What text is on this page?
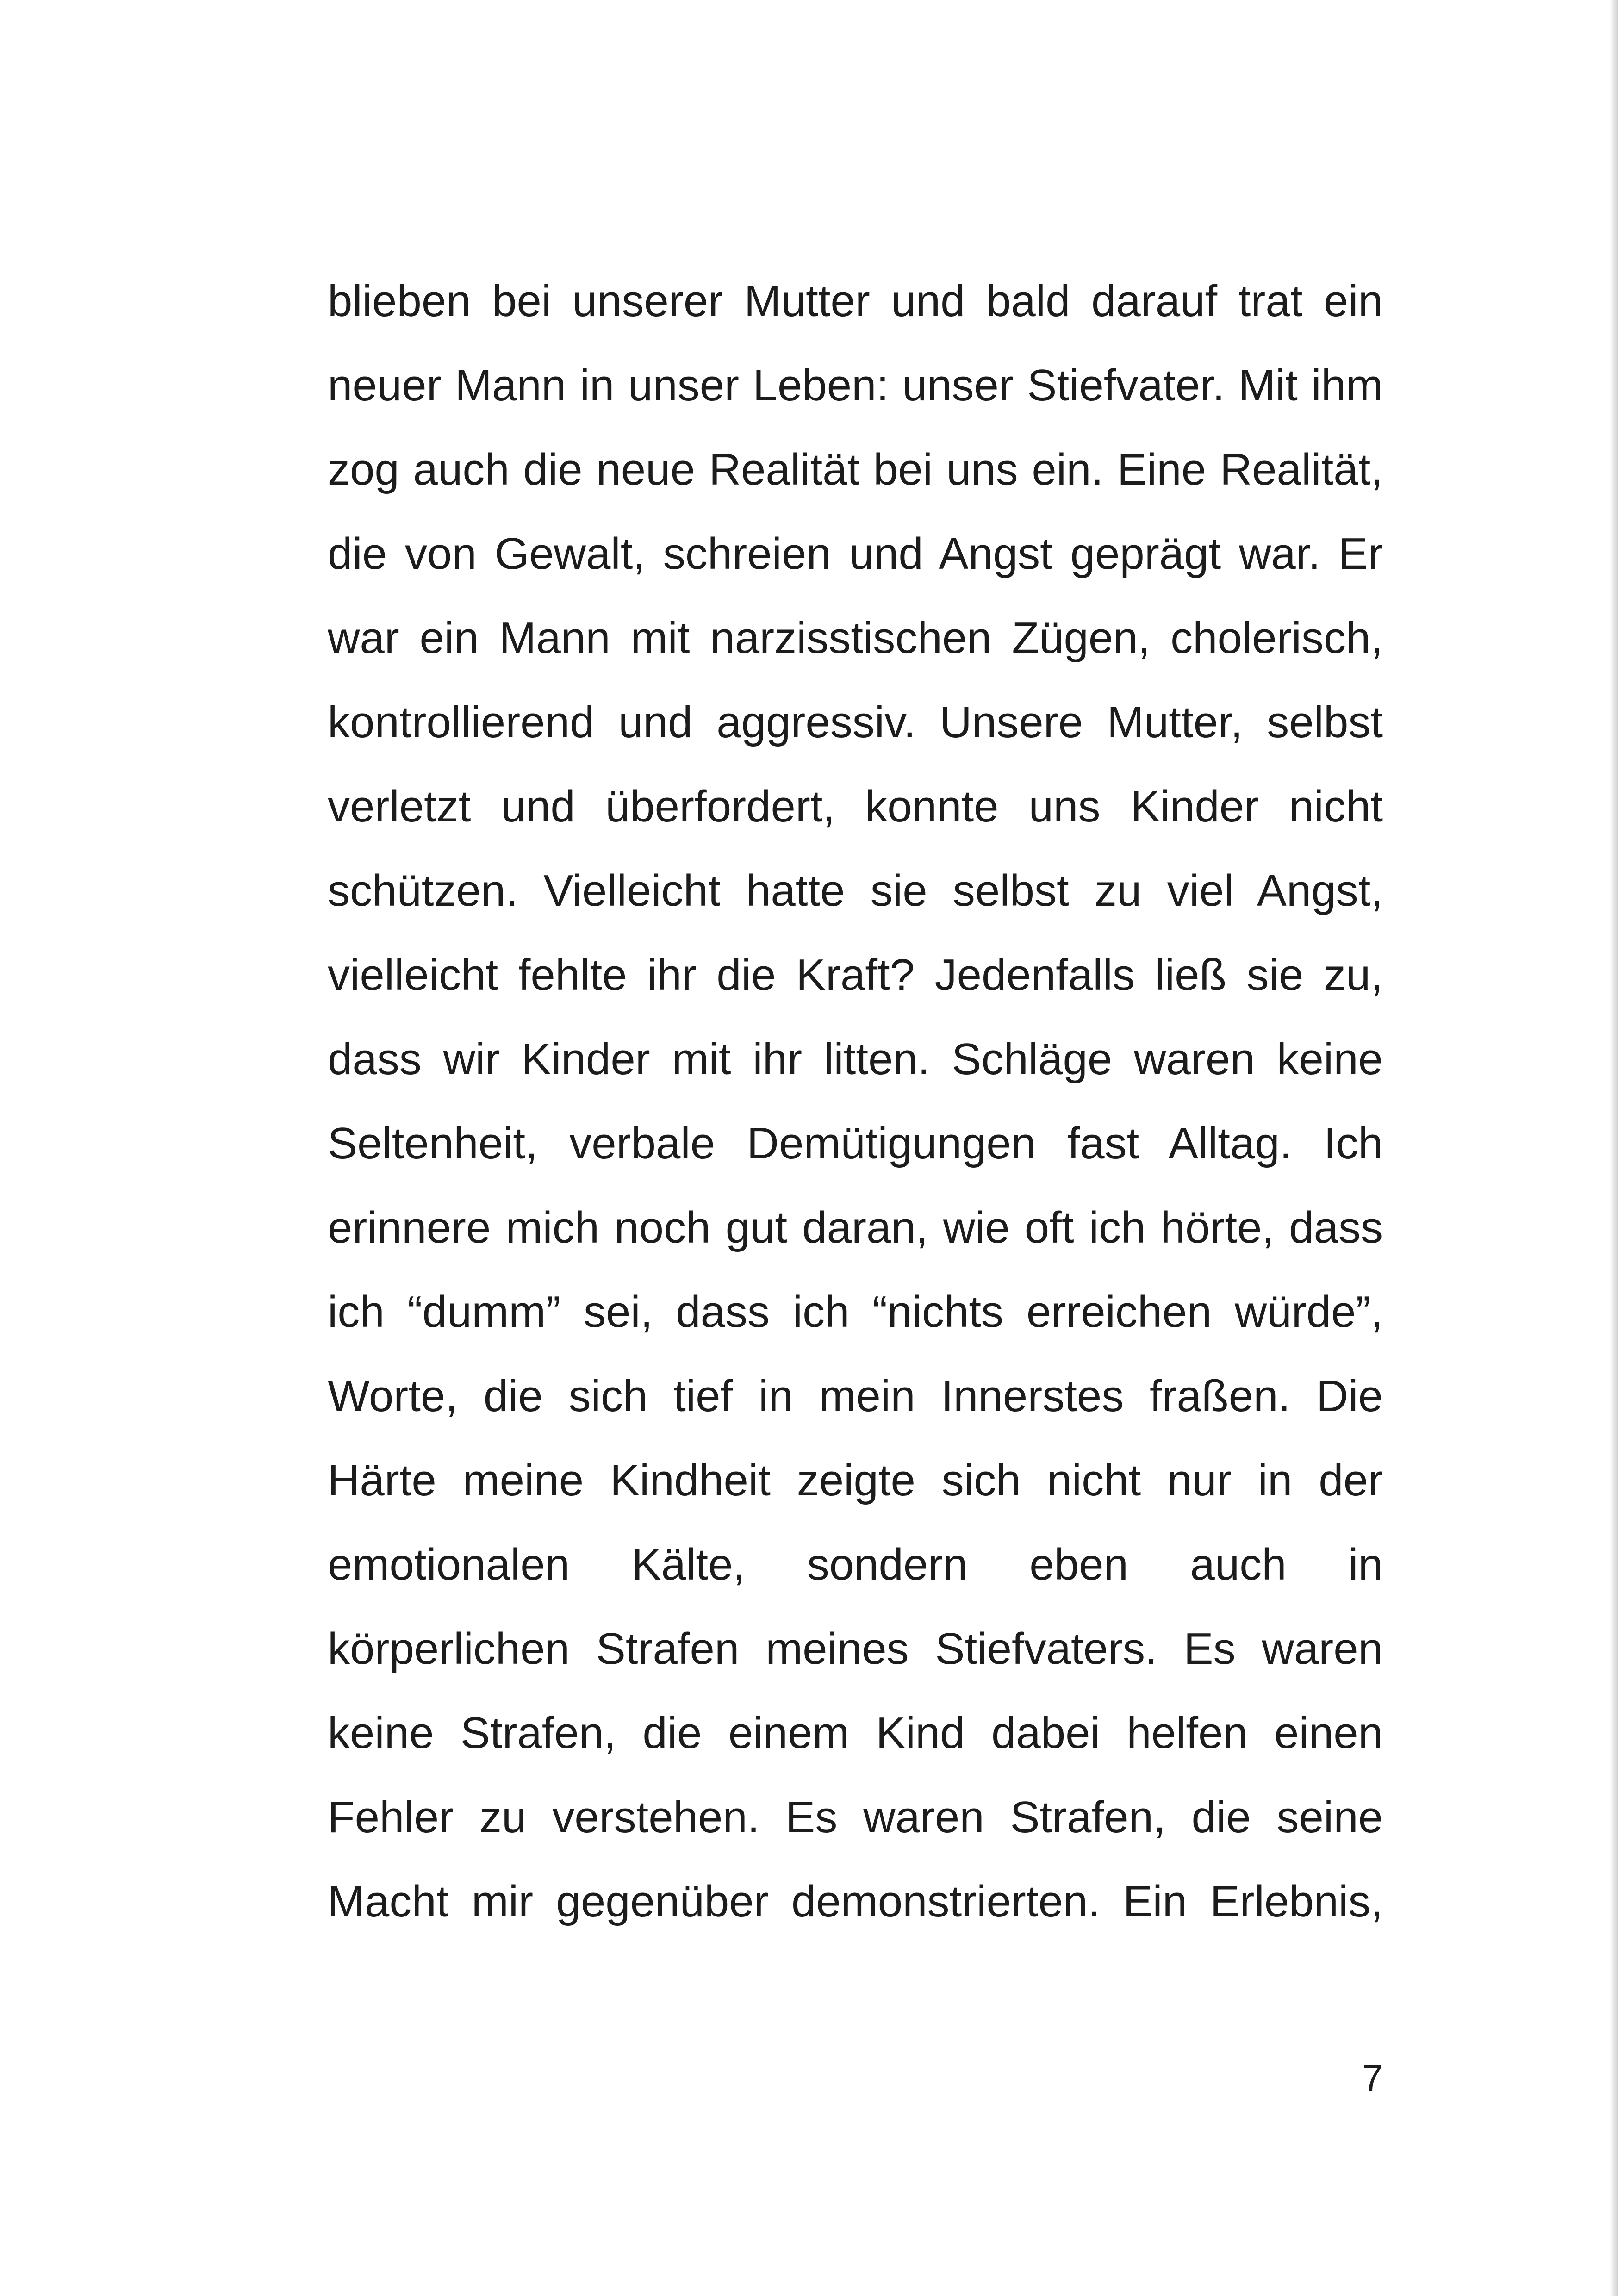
blieben bei unserer Mutter und bald darauf trat ein
neuer Mann in unser Leben: unser Stiefvater. Mit ihm
zog auch die neue Realität bei uns ein. Eine Realität,
die von Gewalt, schreien und Angst geprägt war. Er
war ein Mann mit narzisstischen Zügen, cholerisch,
kontrollierend und aggressiv. Unsere Mutter, selbst
verletzt und überfordert, konnte uns Kinder nicht
schützen. Vielleicht hatte sie selbst zu viel Angst,
vielleicht fehlte ihr die Kraft? Jedenfalls ließ sie zu,
dass wir Kinder mit ihr litten. Schläge waren keine
Seltenheit, verbale Demütigungen fast Alltag. Ich
erinnere mich noch gut daran, wie oft ich hörte, dass
ich “dumm” sei, dass ich “nichts erreichen würde”,
Worte, die sich tief in mein Innerstes fraßen. Die
Härte meine Kindheit zeigte sich nicht nur in der
emotionalen Kälte, sondern eben auch in
körperlichen Strafen meines Stiefvaters. Es waren
keine Strafen, die einem Kind dabei helfen einen
Fehler zu verstehen. Es waren Strafen, die seine
Macht mir gegenüber demonstrierten. Ein Erlebnis,
7
